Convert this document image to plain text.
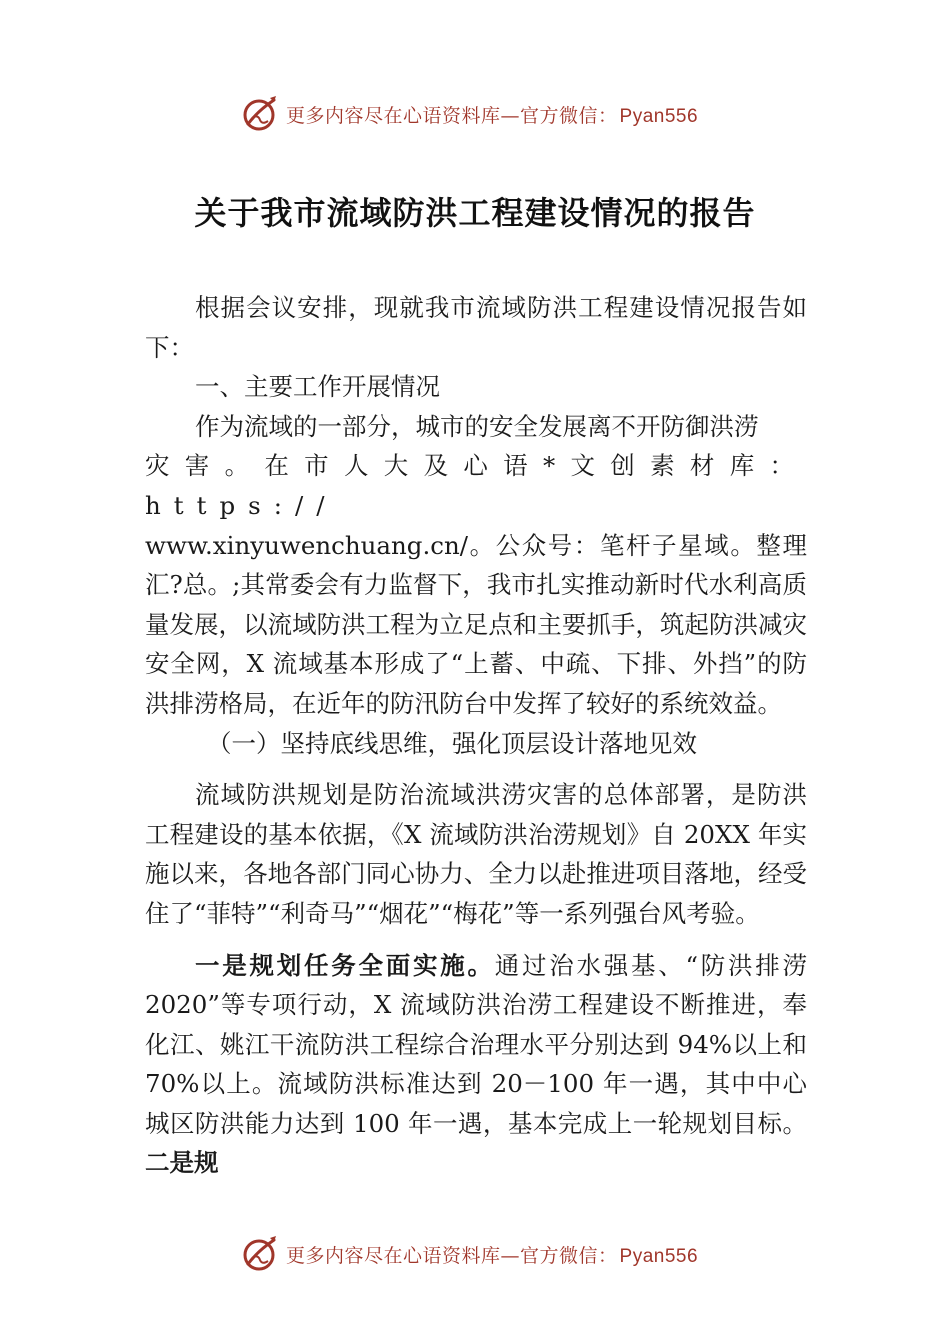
更多内容尽在心语资料库—官方微信： Pyan556
关于我市流域防洪工程建设情况的报告

根据会议安排，现就我市流域防洪工程建设情况报告如下：

一、主要工作开展情况

作为流域的一部分，城市的安全发展离不开防御洪涝

灾害。在市人大及心语*文创素材库：https://

www.xinyuwenchuang.cn/。公众号：笔杆子星域。整理汇?总。;其常委会有力监督下，我市扎实推动新时代水利高质量发展，以流域防洪工程为立足点和主要抓手，筑起防洪减灾安全网，X 流域基本形成了“上蓄、中疏、下排、外挡”的防洪排涝格局，在近年的防汛防台中发挥了较好的系统效益。

（一）坚持底线思维，强化顶层设计落地见效

流域防洪规划是防治流域洪涝灾害的总体部署，是防洪工程建设的基本依据，《X 流域防洪治涝规划》自 20XX 年实施以来，各地各部门同心协力、全力以赴推进项目落地，经受住了“菲特”“利奇马”“烟花”“梅花”等一系列强台风考验。

一是规划任务全面实施。通过治水强基、“防洪排涝 2020”等专项行动，X 流域防洪治涝工程建设不断推进，奉化江、姚江干流防洪工程综合治理水平分别达到 94%以上和 70%以上。流域防洪标准达到 20－100 年一遇，其中中心城区防洪能力达到 100 年一遇，基本完成上一轮规划目标。二是规

更多内容尽在心语资料库—官方微信： Pyan556
